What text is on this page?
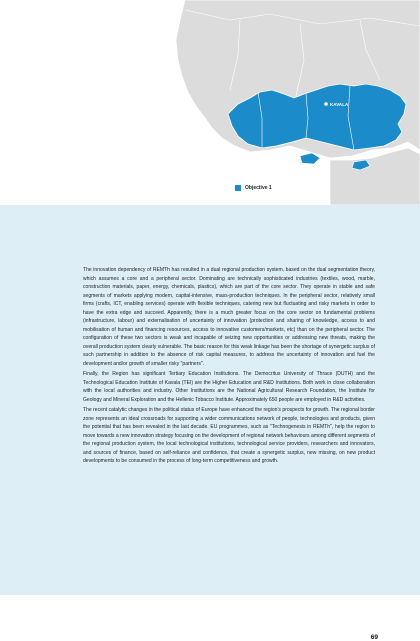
KAVALA
Objective 1

The innovation dependency of REMTh has resulted in a dual regional production system, based on the dual segmentation theory, which assumes a core and a peripheral sector. Dominating are technically sophisticated industries (textiles, wood, marble, construction materials, paper, energy, chemicals, plastics), which are part of the core sector. They operate in stable and safe segments of markets applying modern, capital-intensive, mass-production techniques. In the peripheral sector, relatively small firms (crafts, ICT, enabling services) operate with flexible techniques, catering new but fluctuating and risky markets in order to have the extra edge and succeed. Apparently, there is a much greater focus on the core sector on fundamental problems (infrastructure, labour) and externalisation of uncertainty of innovation (protection and sharing of knowledge, access to and mobilisation of human and financing resources, access to innovative customers/markets, etc) than on the peripheral sector. The configuration of these two sectors is weak and incapable of seizing new opportunities or addressing new threats, making the overall production system clearly vulnerable. The basic reason for this weak linkage has been the shortage of synergetic surplus of such partnership in addition to the absence of risk capital measures, to address the uncertainty of innovation and fuel the development and/or growth of smaller risky "partners".

Finally, the Region has significant Tertiary Education Institutions. The Democritus University of Thrace (DUTH) and the Technological Education Institute of Kavala (TEI) are the Higher Education and R&D Institutions. Both work in close collaboration with the local authorities and industry. Other Institutions are the National Agricultural Research Foundation, the Institute for Geology and Mineral Exploration and the Hellenic Tobacco Institute. Approximately 650 people are employed in R&D activities.

The recent catalytic changes in the political status of Europe have enhanced the region's prospects for growth. The regional border zone represents an ideal crossroads for supporting a wider communications network of people, technologies and products, given the potential that has been revealed in the last decade. EU programmes, such as "Technogenesis in REMTh", help the region to move towards a new innovation strategy focusing on the development of regional network behaviours among different segments of the regional production system, the local technological institutions, technological service providers, researchers and innovators, and sources of finance, based on self-reliance and confidence, that create a synergetic surplus, new missing, on new product developments to be consumed in the process of long-term competitiveness and growth.

69
